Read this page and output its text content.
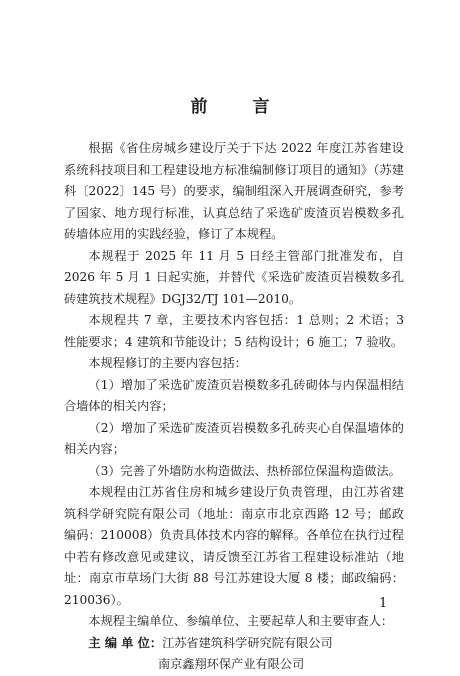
前　言

根据《省住房城乡建设厅关于下达 2022 年度江苏省建设系统科技项目和工程建设地方标准编制修订项目的通知》（苏建科〔2022〕145 号）的要求，编制组深入开展调查研究，参考了国家、地方现行标准，认真总结了采选矿废渣页岩模数多孔砖墙体应用的实践经验，修订了本规程。

本规程于 2025 年 11 月 5 日经主管部门批准发布，自 2026 年 5 月 1 日起实施，并替代《采选矿废渣页岩模数多孔砖建筑技术规程》DGJ32/TJ 101—2010。

本规程共 7 章，主要技术内容包括：1 总则；2 术语；3 性能要求；4 建筑和节能设计；5 结构设计；6 施工；7 验收。

本规程修订的主要内容包括：

（1）增加了采选矿废渣页岩模数多孔砖砌体与内保温相结合墙体的相关内容；

（2）增加了采选矿废渣页岩模数多孔砖夹心自保温墙体的相关内容；

（3）完善了外墙防水构造做法、热桥部位保温构造做法。

本规程由江苏省住房和城乡建设厅负责管理，由江苏省建筑科学研究院有限公司（地址：南京市北京西路 12 号；邮政编码：210008）负责具体技术内容的解释。各单位在执行过程中若有修改意见或建议，请反馈至江苏省工程建设标准站（地址：南京市草场门大街 88 号江苏建设大厦 8 楼；邮政编码：210036）。

本规程主编单位、参编单位、主要起草人和主要审查人：

主 编 单 位： 江苏省建筑科学研究院有限公司
南京鑫翔环保产业有限公司
1
